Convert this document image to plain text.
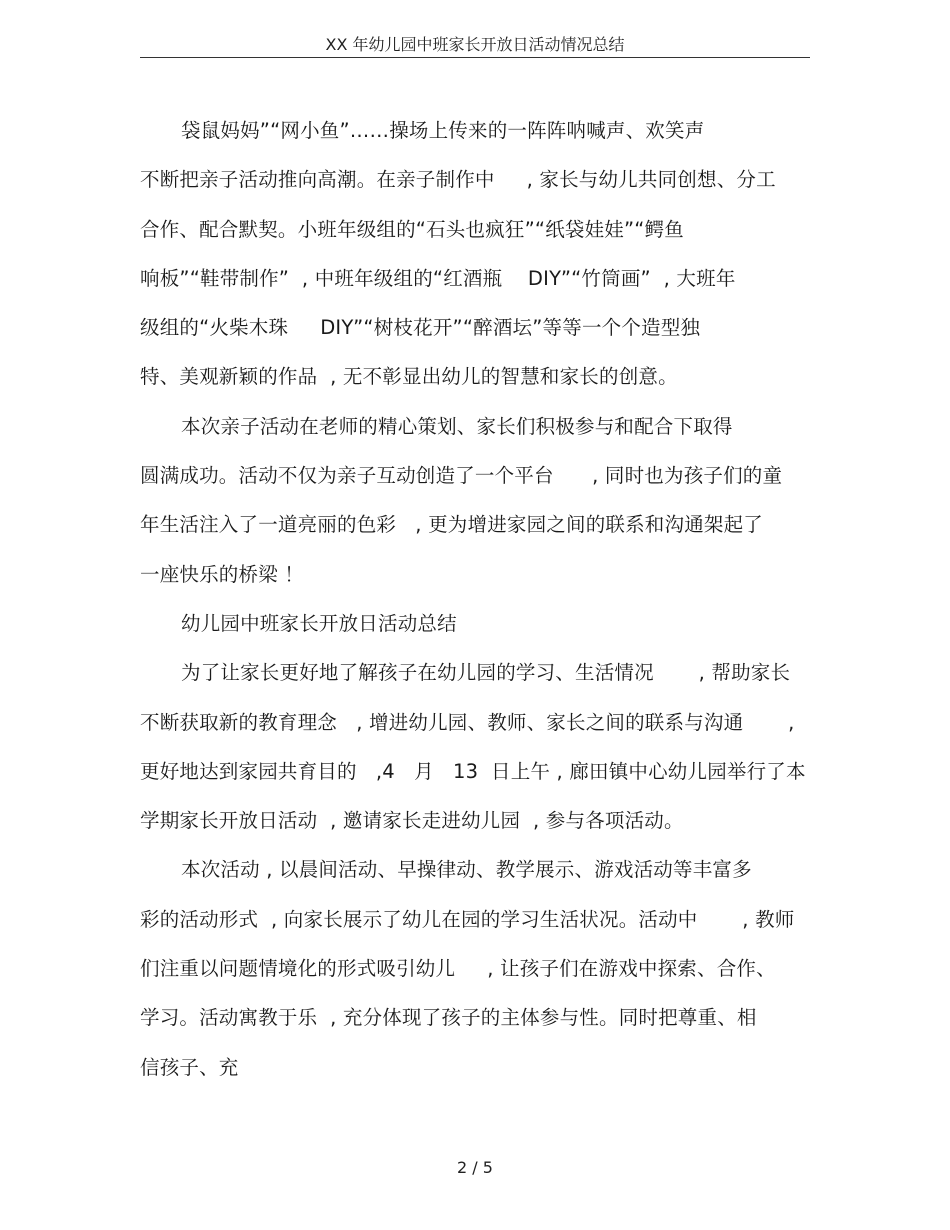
XX 年幼儿园中班家长开放日活动情况总结
袋鼠妈妈”“网小鱼”……操场上传来的一阵阵呐喊声、欢笑声
不断把亲子活动推向高潮。在亲子制作中     , 家长与幼儿共同创想、分工
合作、配合默契。小班年级组的“石头也疯狂”“纸袋娃娃”“鳄鱼
响板”“鞋带制作”  , 中班年级组的“红酒瓶    DIY”“竹筒画”  , 大班年
级组的“火柴木珠     DIY”“树枝花开”“醉酒坛”等等一个个造型独
特、美观新颖的作品  , 无不彰显出幼儿的智慧和家长的创意。
本次亲子活动在老师的精心策划、家长们积极参与和配合下取得
圆满成功。活动不仅为亲子互动创造了一个平台      , 同时也为孩子们的童
年生活注入了一道亮丽的色彩   , 更为增进家园之间的联系和沟通架起了
一座快乐的桥梁 ！
幼儿园中班家长开放日活动总结
为了让家长更好地了解孩子在幼儿园的学习、生活情况       , 帮助家长
不断获取新的教育理念   , 增进幼儿园、教师、家长之间的联系与沟通       ,
更好地达到家园共育目的   ,4   月   13  日上午 , 廊田镇中心幼儿园举行了本
学期家长开放日活动  , 邀请家长走进幼儿园  , 参与各项活动。
本次活动 , 以晨间活动、早操律动、教学展示、游戏活动等丰富多
彩的活动形式  , 向家长展示了幼儿在园的学习生活状况。活动中       , 教师
们注重以问题情境化的形式吸引幼儿     , 让孩子们在游戏中探索、合作、
学习。活动寓教于乐  , 充分体现了孩子的主体参与性。同时把尊重、相
信孩子、充
2 / 5
